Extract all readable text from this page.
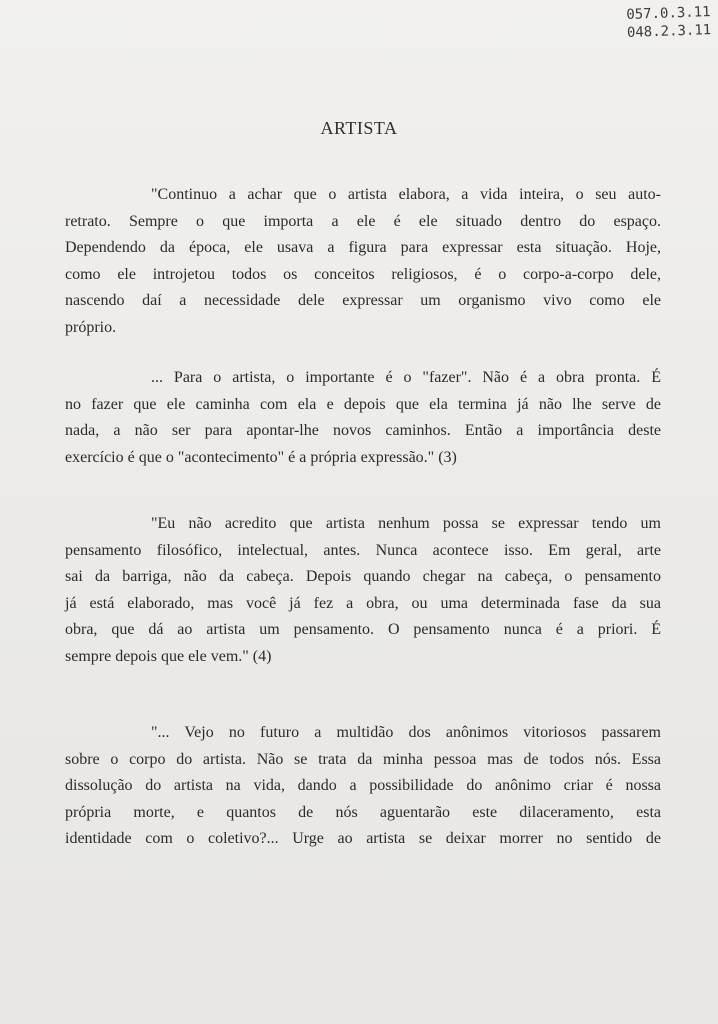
057.0.3.11
048.2.3.11
ARTISTA
"Continuo a achar que o artista elabora, a vida inteira, o seu auto-
retrato. Sempre o que importa a ele é ele situado dentro do espaço.
Dependendo da época, ele usava a figura para expressar esta situação. Hoje,
como ele introjetou todos os conceitos religiosos, é o corpo-a-corpo dele,
nascendo daí a necessidade dele expressar um organismo vivo como ele
próprio.
... Para o artista, o importante é o "fazer". Não é a obra pronta. É
no fazer que ele caminha com ela e depois que ela termina já não lhe serve de
nada, a não ser para apontar-lhe novos caminhos. Então a importância deste
exercício é que o "acontecimento" é a própria expressão." (3)
"Eu não acredito que artista nenhum possa se expressar tendo um
pensamento filosófico, intelectual, antes. Nunca acontece isso. Em geral, arte
sai da barriga, não da cabeça. Depois quando chegar na cabeça, o pensamento
já está elaborado, mas você já fez a obra, ou uma determinada fase da sua
obra, que dá ao artista um pensamento. O pensamento nunca é a priori. É
sempre depois que ele vem." (4)
"... Vejo no futuro a multidão dos anônimos vitoriosos passarem
sobre o corpo do artista. Não se trata da minha pessoa mas de todos nós. Essa
dissolução do artista na vida, dando a possibilidade do anônimo criar é nossa
própria morte, e quantos de nós aguentarão este dilaceramento, esta
identidade com o coletivo?... Urge ao artista se deixar morrer no sentido de
